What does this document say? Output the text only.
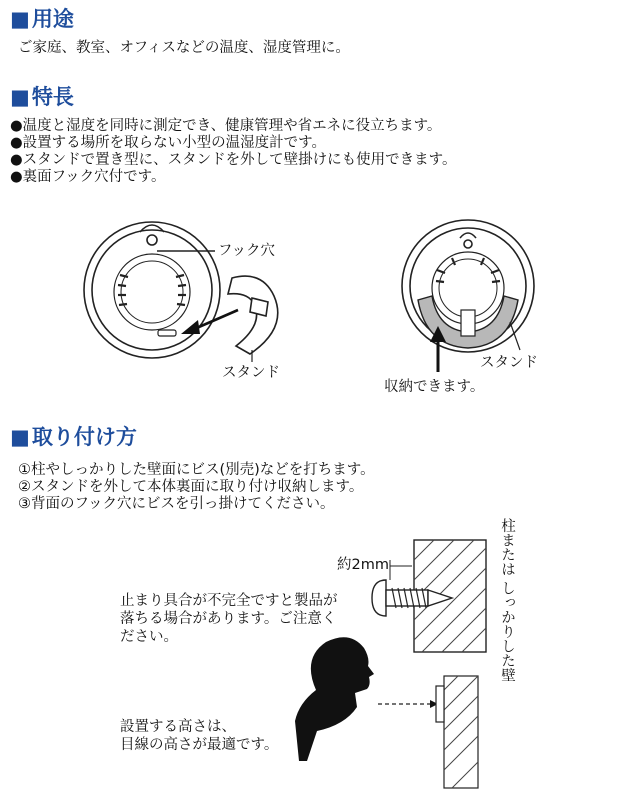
■用途
ご家庭、教室、オフィスなどの温度、湿度管理に。
■特長
●温度と湿度を同時に測定でき、健康管理や省エネに役立ちます。
●設置する場所を取らない小型の温湿度計です。
●スタンドで置き型に、スタンドを外して壁掛けにも使用できます。
●裏面フック穴付です。
フック穴
スタンド
スタンド
収納できます。
■取り付け方
①柱やしっかりした壁面にビス(別売)などを打ちます。
②スタンドを外して本体裏面に取り付け収納します。
③背面のフック穴にビスを引っ掛けてください。
約2mm	柱または しっかりした壁
止まり具合が不完全ですと製品が
落ちる場合があります。ご注意く
ださい。
設置する高さは、
目線の高さが最適です。
